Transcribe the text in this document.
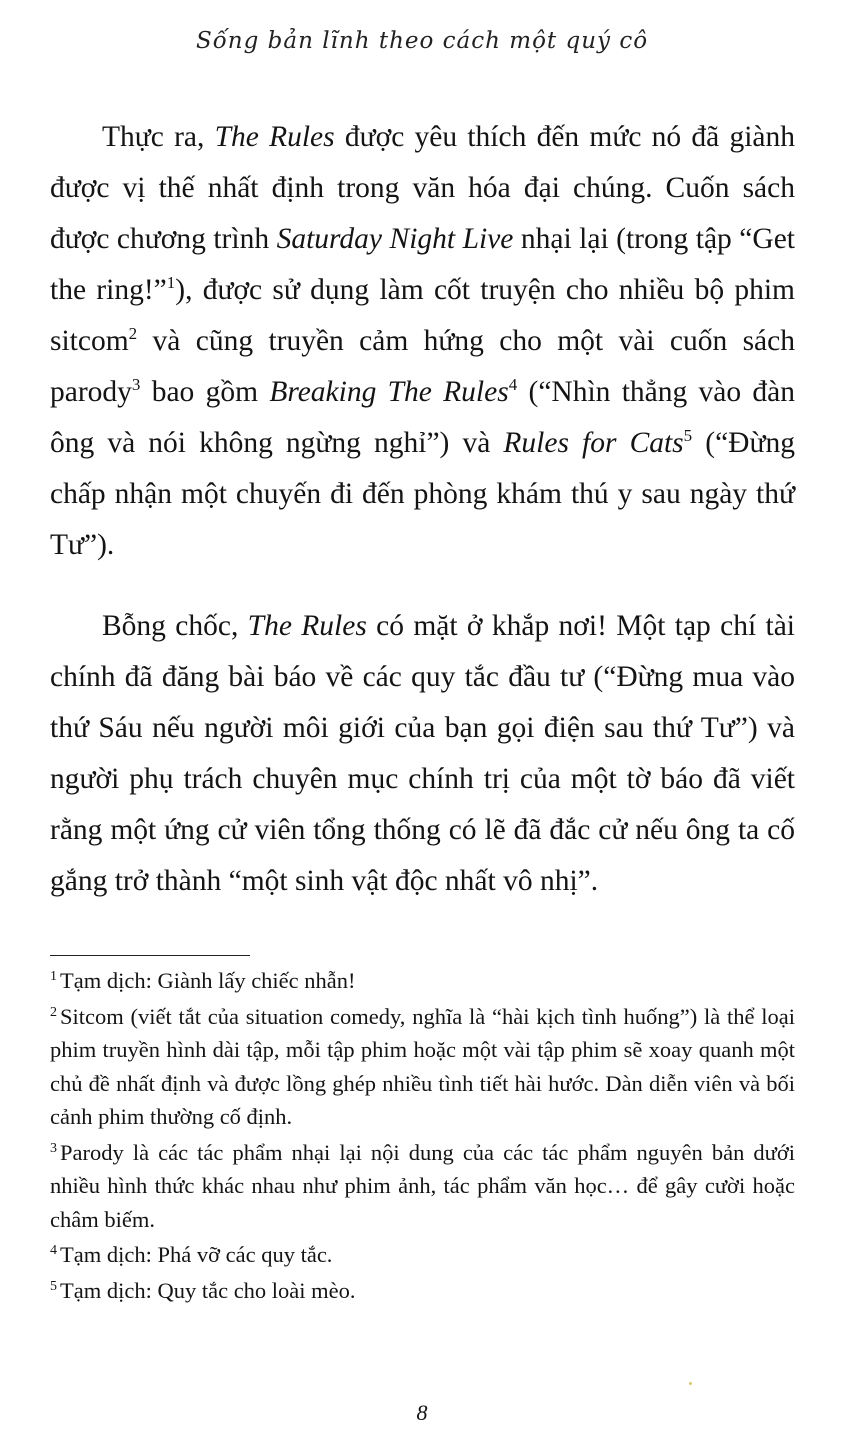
Sống bản lĩnh theo cách một quý cô

Thực ra, The Rules được yêu thích đến mức nó đã giành được vị thế nhất định trong văn hóa đại chúng. Cuốn sách được chương trình Saturday Night Live nhại lại (trong tập “Get the ring!”$^1$), được sử dụng làm cốt truyện cho nhiều bộ phim sitcom$^2$ và cũng truyền cảm hứng cho một vài cuốn sách parody$^3$ bao gồm Breaking The Rules$^4$ (“Nhìn thẳng vào đàn ông và nói không ngừng nghỉ”) và Rules for Cats$^5$ (“Đừng chấp nhận một chuyến đi đến phòng khám thú y sau ngày thứ Tư”).

Bỗng chốc, The Rules có mặt ở khắp nơi! Một tạp chí tài chính đã đăng bài báo về các quy tắc đầu tư (“Đừng mua vào thứ Sáu nếu người môi giới của bạn gọi điện sau thứ Tư”) và người phụ trách chuyên mục chính trị của một tờ báo đã viết rằng một ứng cử viên tổng thống có lẽ đã đắc cử nếu ông ta cố gắng trở thành “một sinh vật độc nhất vô nhị”.

$^1$ Tạm dịch: Giành lấy chiếc nhẫn!

$^2$ Sitcom (viết tắt của situation comedy, nghĩa là “hài kịch tình huống”) là thể loại phim truyền hình dài tập, mỗi tập phim hoặc một vài tập phim sẽ xoay quanh một chủ đề nhất định và được lồng ghép nhiều tình tiết hài hước. Dàn diễn viên và bối cảnh phim thường cố định.

$^3$ Parody là các tác phẩm nhại lại nội dung của các tác phẩm nguyên bản dưới nhiều hình thức khác nhau như phim ảnh, tác phẩm văn học… để gây cười hoặc châm biếm.

$^4$ Tạm dịch: Phá vỡ các quy tắc.

$^5$ Tạm dịch: Quy tắc cho loài mèo.

8
